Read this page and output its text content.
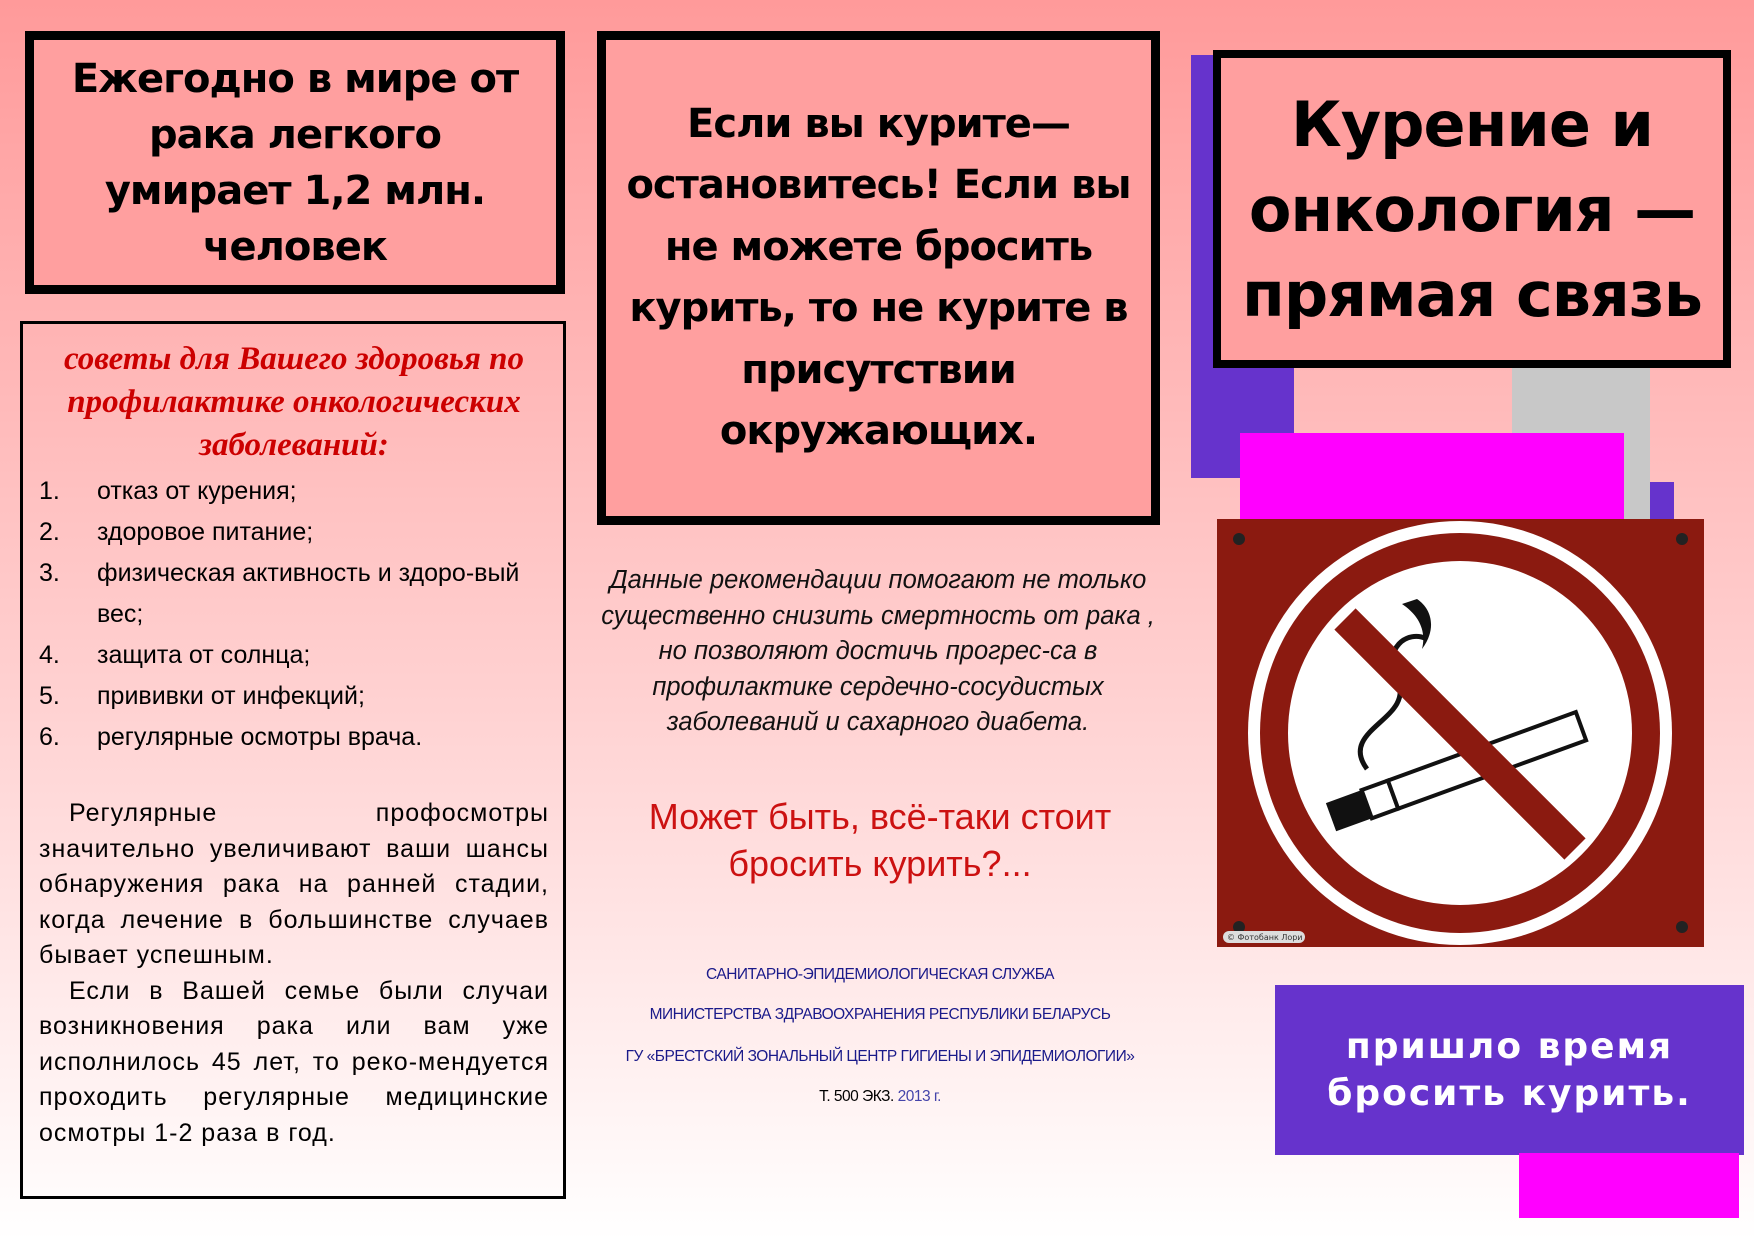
Ежегодно в мире от рака легкого умирает 1,2 млн. человек
советы для Вашего здоровья по профилактике онкологических заболеваний:
1.	отказ от курения;
2.	здоровое питание;
3.	физическая активность и здоро-вый вес;
4.	защита от солнца;
5.	прививки от инфекций;
6.	регулярные осмотры врача.

Регулярные профосмотры значительно увеличивают ваши шансы обнаружения рака на ранней стадии, когда лечение в большинстве случаев бывает успешным.

Если в Вашей семье были случаи возникновения рака или вам уже исполнилось 45 лет, то реко-мендуется проходить регулярные медицинские осмотры 1-2 раза в год.

Если вы курите— остановитесь! Если вы не можете бросить курить, то не курите в присутствии окружающих.
Данные рекомендации помогают не только существенно снизить смертность от рака , но позволяют достичь прогрес-са в профилактике сердечно-сосудистых заболеваний и сахарного диабета.
Может быть, всё-таки стоит бросить курить?...
САНИТАРНО-ЭПИДЕМИОЛОГИЧЕСКАЯ СЛУЖБА
МИНИСТЕРСТВА ЗДРАВООХРАНЕНИЯ РЕСПУБЛИКИ БЕЛАРУСЬ
ГУ «БРЕСТСКИЙ ЗОНАЛЬНЫЙ ЦЕНТР ГИГИЕНЫ И ЭПИДЕМИОЛОГИИ»
Т. 500 ЭКЗ. 2013 г.
Курение и онкология — прямая связь
© Фотобанк Лори
пришло время бросить курить.
